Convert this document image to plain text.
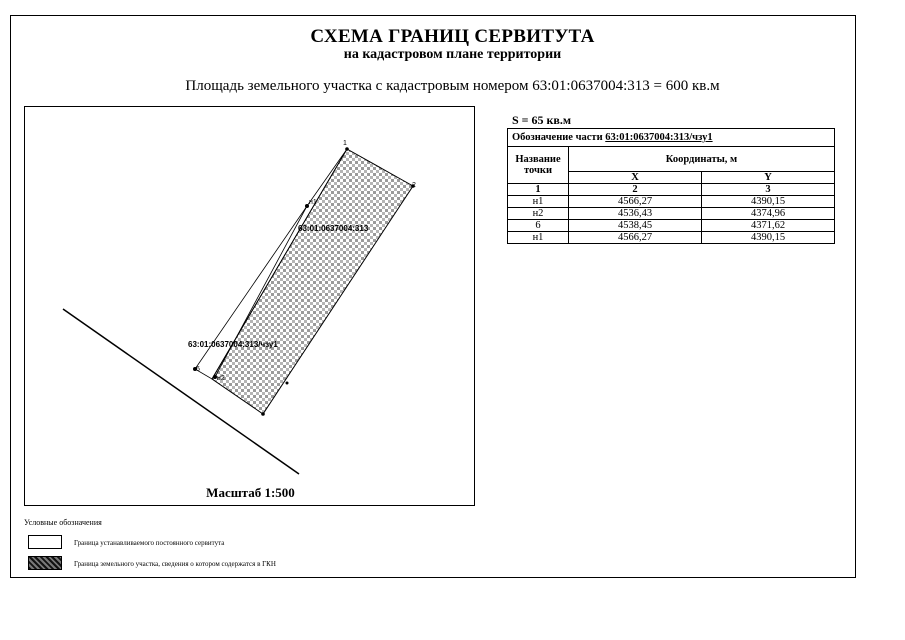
СХЕМА ГРАНИЦ СЕРВИТУТА
на кадастровом плане территории
Площадь земельного участка с кадастровым номером 63:01:0637004:313 = 600 кв.м
1
2
н1
н2
6
63:01:0637004:313
63:01:0637004:313/чзу1
Масштаб 1:500
S = 65 кв.м
Обозначение части 63:01:0637004:313/чзу1		
Название точки	Координаты, м	
	X	Y
1	2	3
н1	4566,27	4390,15
н2	4536,43	4374,96
6	4538,45	4371,62
н1	4566,27	4390,15
Условные обозначения
Граница устанавливаемого постоянного сервитута
Граница земельного участка, сведения о котором содержатся в ГКН
